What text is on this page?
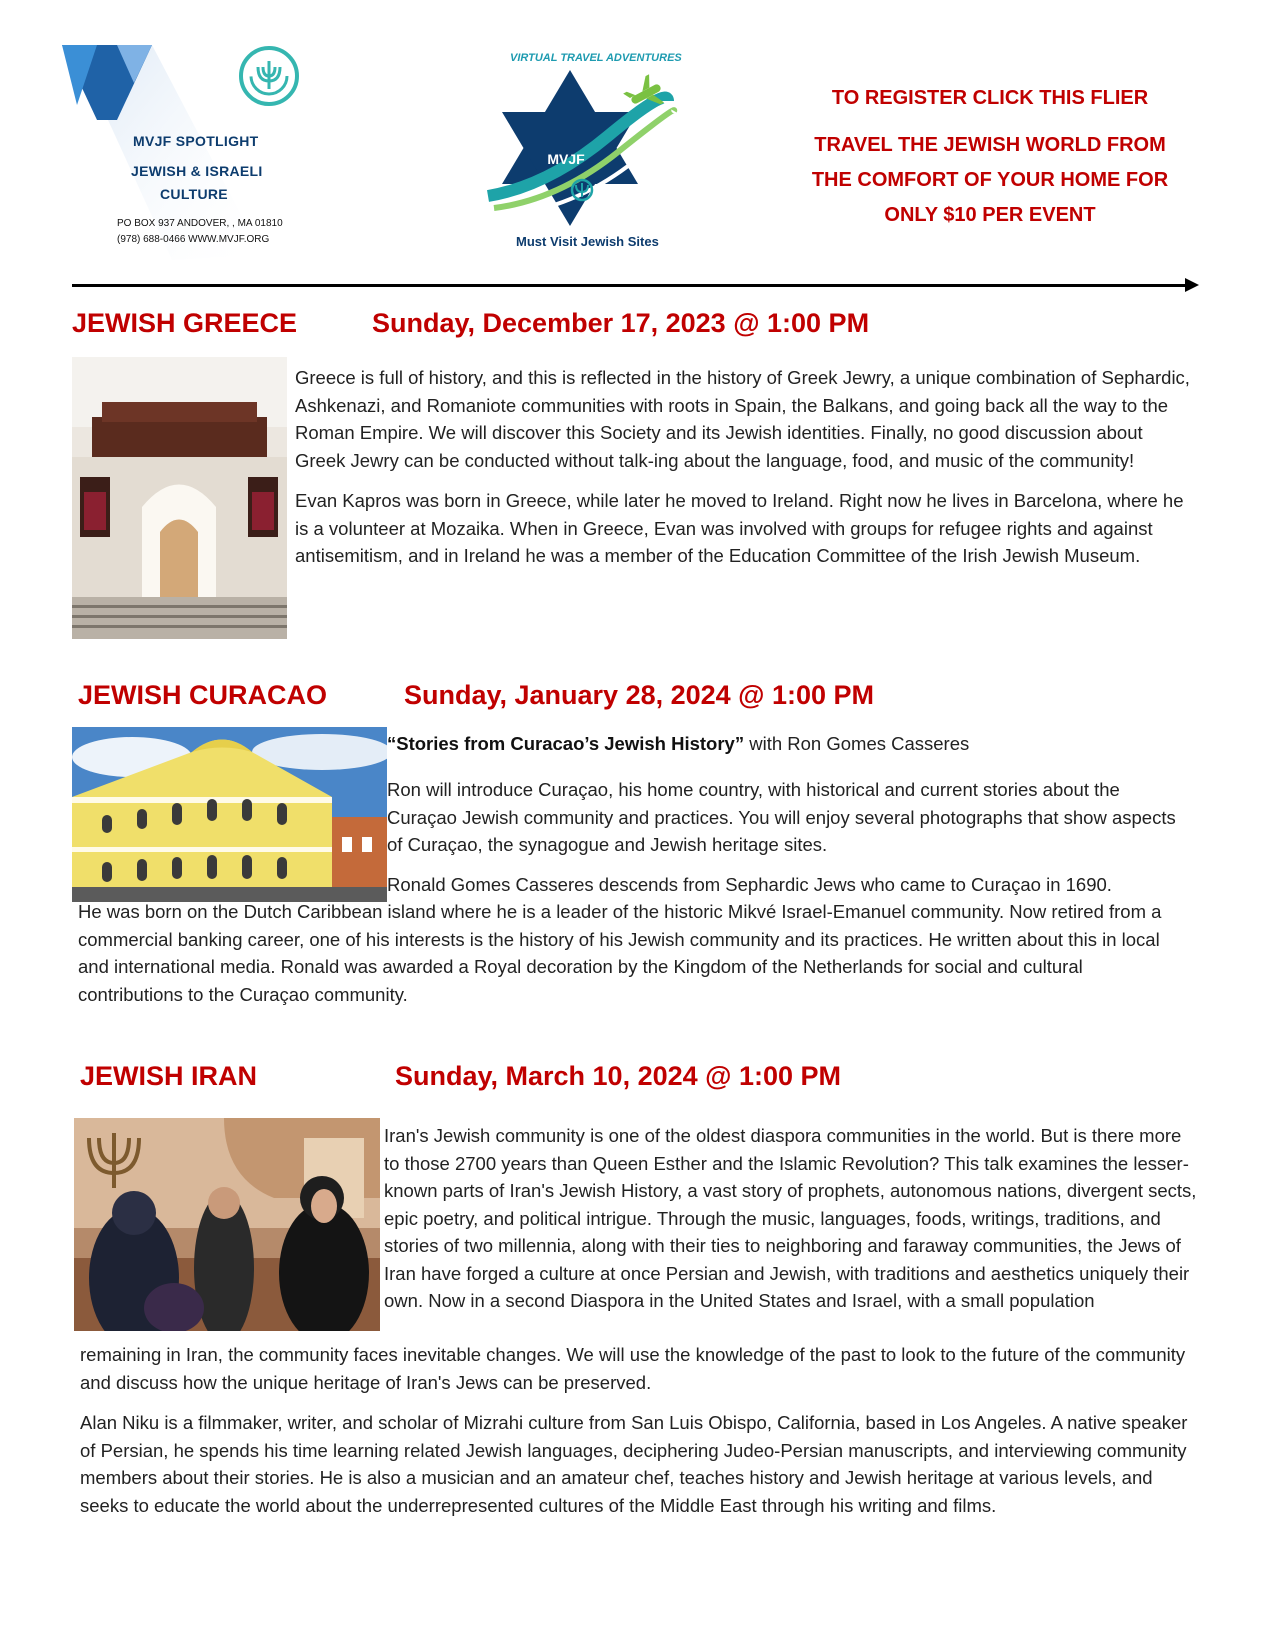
MVJF SPOTLIGHT
JEWISH & ISRAELI
CULTURE
PO BOX 937 ANDOVER, , MA 01810
(978) 688-0466 WWW.MVJF.ORG
VIRTUAL TRAVEL ADVENTURES
MVJF
Must Visit Jewish Sites
TO REGISTER CLICK THIS FLIER
TRAVEL THE JEWISH WORLD FROM
THE COMFORT OF YOUR HOME FOR
ONLY $10 PER EVENT
JEWISH GREECE	Sunday, December 17, 2023 @ 1:00 PM

Greece is full of history, and this is reflected in the history of Greek Jewry, a unique combination of Sephardic, Ashkenazi, and Romaniote communities with roots in Spain, the Balkans, and going back all the way to the Roman Empire. We will discover this Society and its Jewish identities. Finally, no good discussion about Greek Jewry can be conducted without talk-ing about the language, food, and music of the community!

Evan Kapros was born in Greece, while later he moved to Ireland. Right now he lives in Barcelona, where he is a volunteer at Mozaika. When in Greece, Evan was involved with groups for refugee rights and against antisemitism, and in Ireland he was a member of the Education Committee of the Irish Jewish Museum.

JEWISH CURACAO	Sunday, January 28, 2024 @ 1:00 PM
“Stories from Curacao’s Jewish History” with Ron Gomes Casseres
Ron will introduce Curaçao, his home country, with historical and current stories about the Curaçao Jewish community and practices. You will enjoy several photographs that show aspects of Curaçao, the synagogue and Jewish heritage sites.
Ronald Gomes Casseres descends from Sephardic Jews who came to Curaçao in 1690.
He was born on the Dutch Caribbean island where he is a leader of the historic Mikvé Israel-Emanuel community. Now retired from a commercial banking career, one of his interests is the history of his Jewish community and its practices. He written about this in local and international media. Ronald was awarded a Royal decoration by the Kingdom of the Netherlands for social and cultural contributions to the Curaçao community.
JEWISH IRAN	Sunday, March 10, 2024 @ 1:00 PM
Iran's Jewish community is one of the oldest diaspora communities in the world. But is there more to those 2700 years than Queen Esther and the Islamic Revolution? This talk examines the lesser-known parts of Iran's Jewish History, a vast story of prophets, autonomous nations, divergent sects, epic poetry, and political intrigue. Through the music, languages, foods, writings, traditions, and stories of two millennia, along with their ties to neighboring and faraway communities, the Jews of Iran have forged a culture at once Persian and Jewish, with traditions and aesthetics uniquely their own. Now in a second Diaspora in the United States and Israel, with a small population
remaining in Iran, the community faces inevitable changes. We will use the knowledge of the past to look to the future of the community and discuss how the unique heritage of Iran's Jews can be preserved.
Alan Niku is a filmmaker, writer, and scholar of Mizrahi culture from San Luis Obispo, California, based in Los Angeles. A native speaker of Persian, he spends his time learning related Jewish languages, deciphering Judeo-Persian manuscripts, and interviewing community members about their stories. He is also a musician and an amateur chef, teaches history and Jewish heritage at various levels, and seeks to educate the world about the underrepresented cultures of the Middle East through his writing and films.
